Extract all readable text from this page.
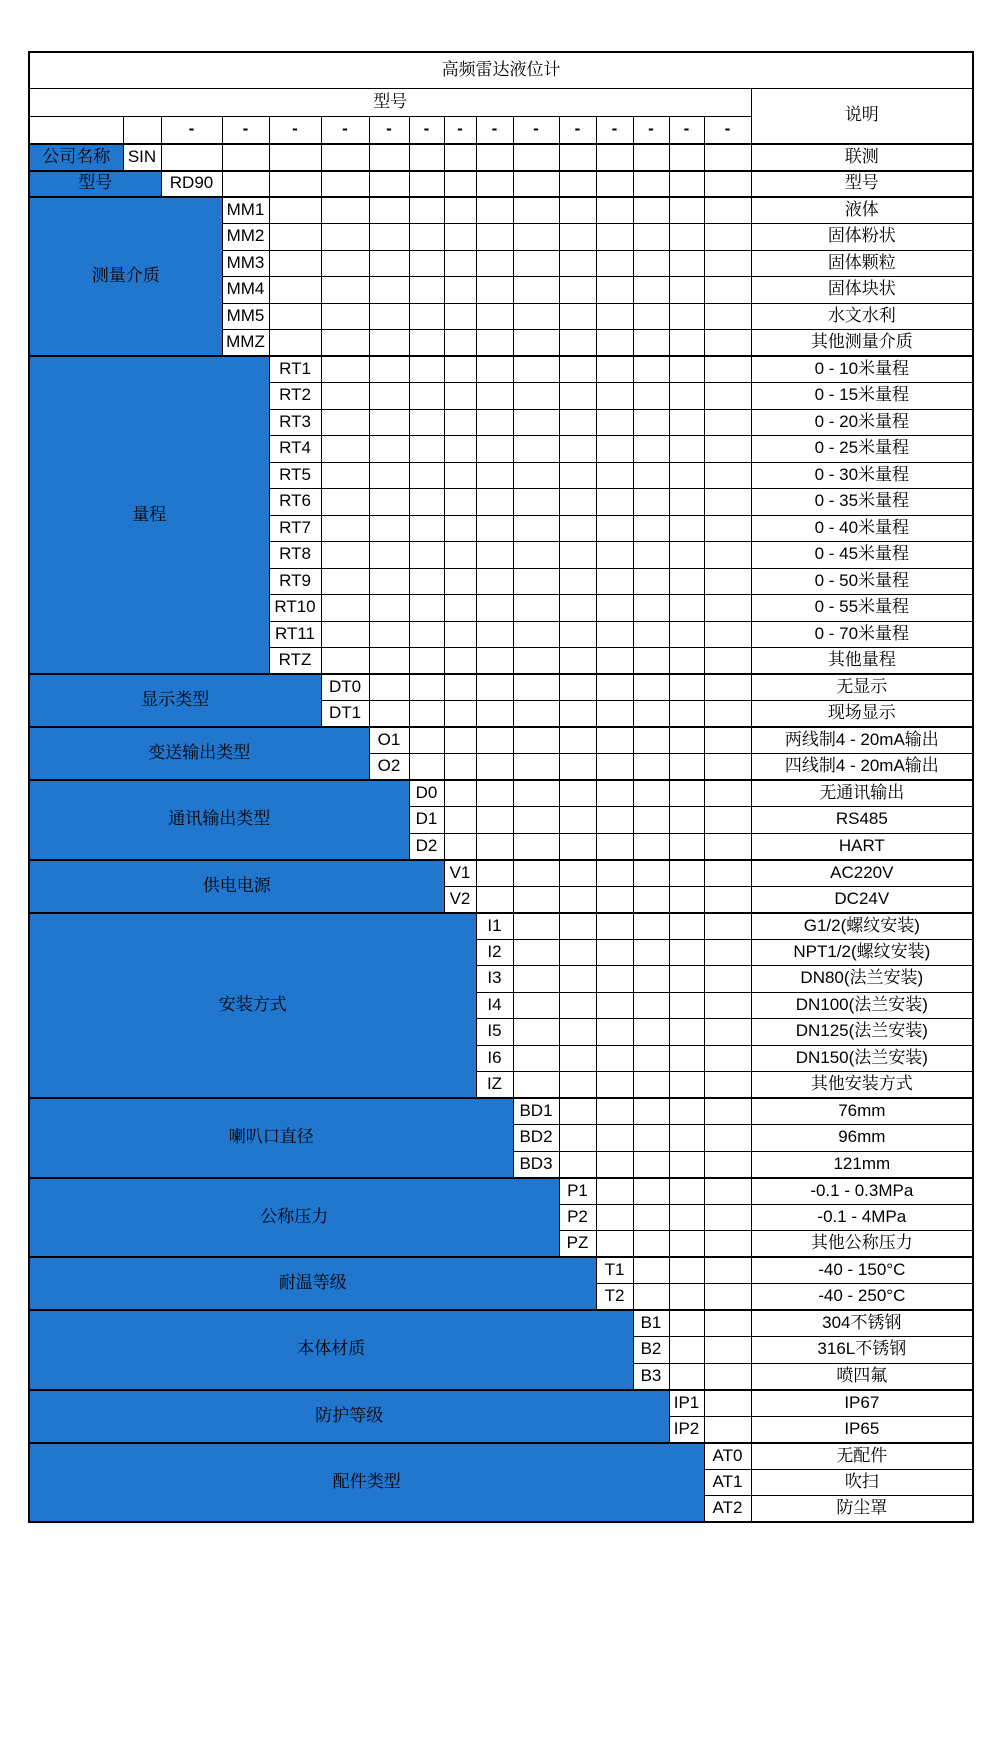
高频雷达液位计																
型号																说明
		-	-	-	-	-	-	-	-	-	-	-	-	-	-	
公司名称	SIN															联测
型号		RD90														型号
测量介质			MM1													液体
			MM2													固体粉状
			MM3													固体颗粒
			MM4													固体块状
			MM5													水文水利
			MMZ													其他测量介质
量程				RT1												0 - 10米量程
				RT2												0 - 15米量程
				RT3												0 - 20米量程
				RT4												0 - 25米量程
				RT5												0 - 30米量程
				RT6												0 - 35米量程
				RT7												0 - 40米量程
				RT8												0 - 45米量程
				RT9												0 - 50米量程
				RT10												0 - 55米量程
				RT11												0 - 70米量程
				RTZ												其他量程
显示类型					DT0											无显示
					DT1											现场显示
变送输出类型						O1										两线制4 - 20mA输出
						O2										四线制4 - 20mA输出
通讯输出类型							D0									无通讯输出
							D1									RS485
							D2									HART
供电电源								V1								AC220V
								V2								DC24V
安装方式									I1							G1/2(螺纹安装)
									I2							NPT1/2(螺纹安装)
									I3							DN80(法兰安装)
									I4							DN100(法兰安装)
									I5							DN125(法兰安装)
									I6							DN150(法兰安装)
									IZ							其他安装方式
喇叭口直径										BD1						76mm
										BD2						96mm
										BD3						121mm
公称压力											P1					-0.1 - 0.3MPa
											P2					-0.1 - 4MPa
											PZ					其他公称压力
耐温等级												T1				-40 - 150°C
												T2				-40 - 250°C
本体材质													B1			304不锈钢
													B2			316L不锈钢
													B3			喷四氟
防护等级														IP1		IP67
														IP2		IP65
配件类型															AT0	无配件
															AT1	吹扫
															AT2	防尘罩
